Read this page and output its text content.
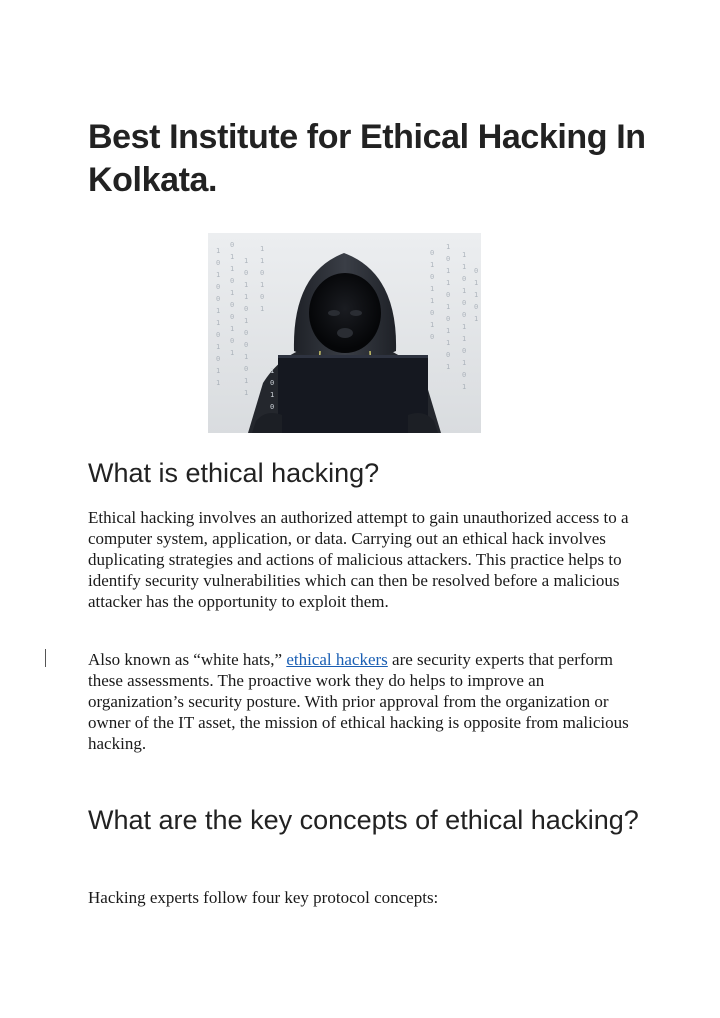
Best Institute for Ethical Hacking In Kolkata.
1
0
1
0
0
1
1
0
1
0
1
1
0
1
1
0
1
0
0
1
0
1
1
0
1
1
0
1
0
0
1
0
1
1
1
1
0
1
0
1
0
1
0
1
1
0
1
0
1
0
1
1
0
1
0
1
1
0
1
1
1
0
1
0
0
1
1
0
1
0
1
0
1
1
0
1
1
0
1
0
What is ethical hacking?

Ethical hacking involves an authorized attempt to gain unauthorized access to a computer system, application, or data. Carrying out an ethical hack involves duplicating strategies and actions of malicious attackers. This practice helps to identify security vulnerabilities which can then be resolved before a malicious attacker has the opportunity to exploit them.

Also known as “white hats,” ethical hackers are security experts that perform these assessments. The proactive work they do helps to improve an organization’s security posture. With prior approval from the organization or owner of the IT asset, the mission of ethical hacking is opposite from malicious hacking.

What are the key concepts of ethical hacking?

Hacking experts follow four key protocol concepts:
